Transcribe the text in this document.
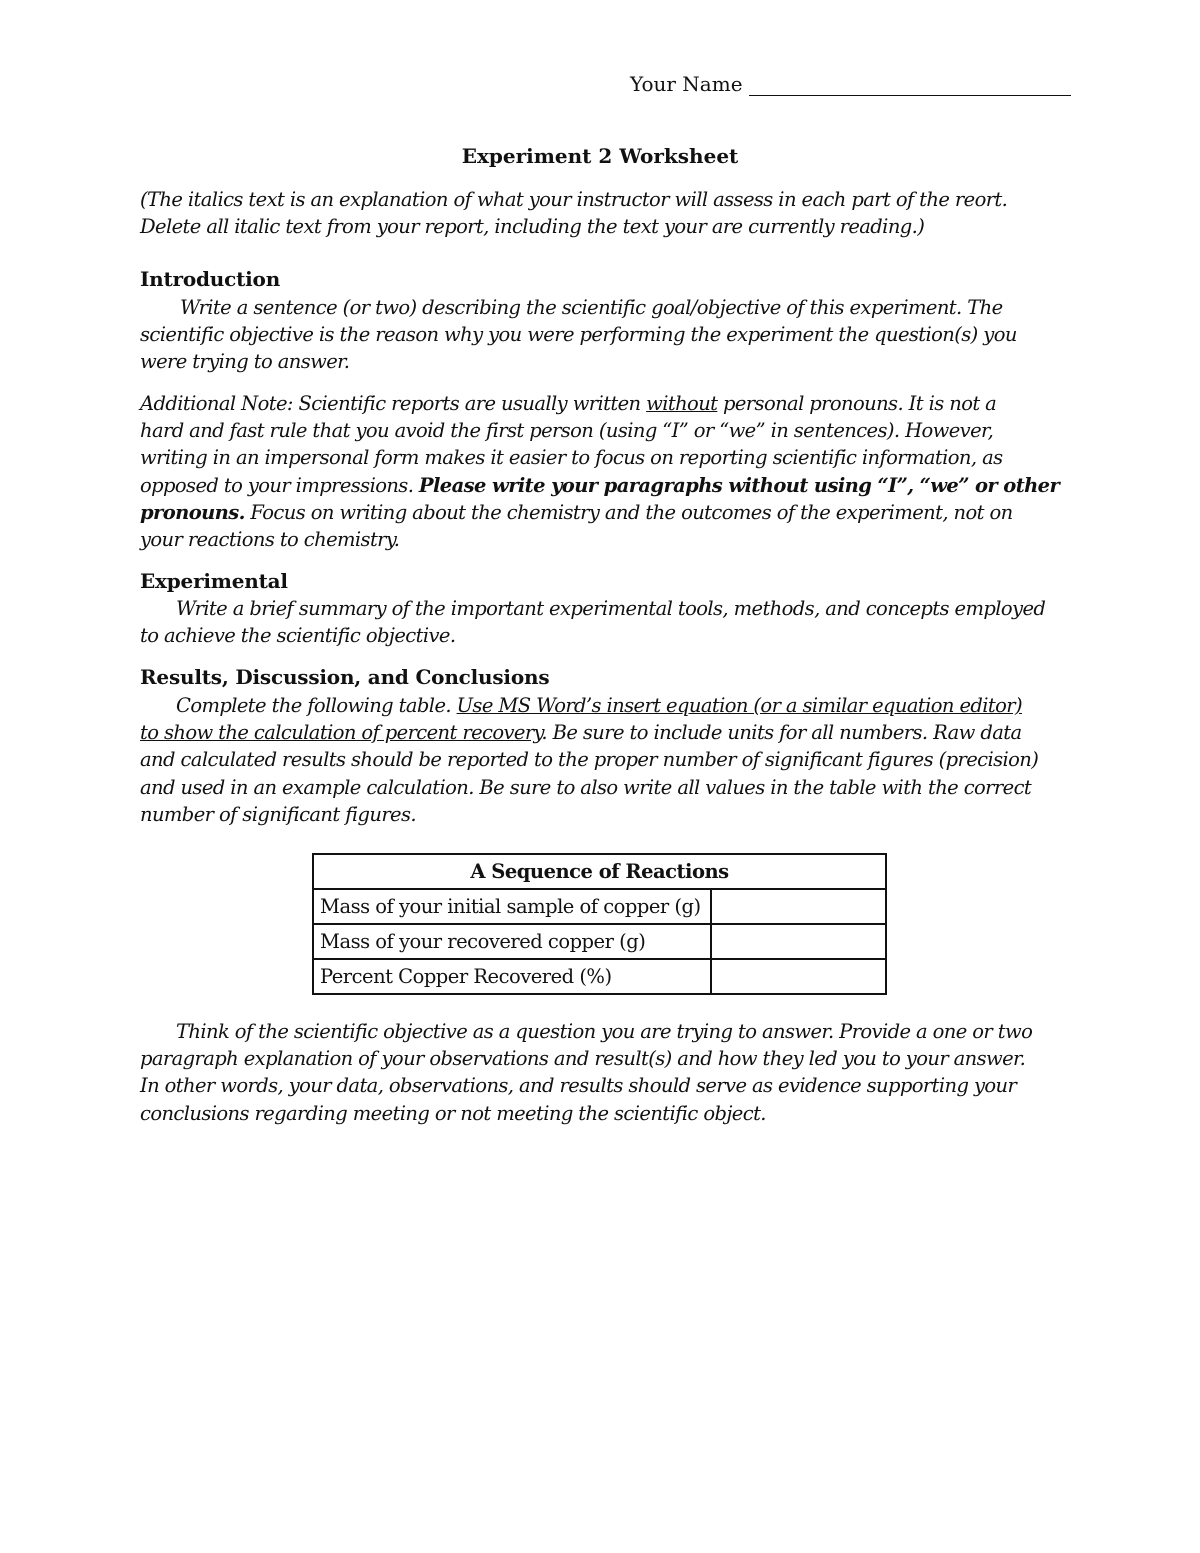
Your Name
Experiment 2 Worksheet
(The italics text is an explanation of what your instructor will assess in each part of the reort.
Delete all italic text from your report, including the text your are currently reading.)
Introduction
Write a sentence (or two) describing the scientific goal/objective of this experiment. The
scientific objective is the reason why you were performing the experiment the question(s) you
were trying to answer.
Additional Note: Scientific reports are usually written without personal pronouns. It is not a
hard and fast rule that you avoid the first person (using “I” or “we” in sentences). However,
writing in an impersonal form makes it easier to focus on reporting scientific information, as
opposed to your impressions. Please write your paragraphs without using “I”, “we” or other
pronouns. Focus on writing about the chemistry and the outcomes of the experiment, not on
your reactions to chemistry.
Experimental
Write a brief summary of the important experimental tools, methods, and concepts employed
to achieve the scientific objective.
Results, Discussion, and Conclusions
Complete the following table. Use MS Word’s insert equation (or a similar equation editor)
to show the calculation of percent recovery. Be sure to include units for all numbers. Raw data
and calculated results should be reported to the proper number of significant figures (precision)
and used in an example calculation. Be sure to also write all values in the table with the correct
number of significant figures.
Think of the scientific objective as a question you are trying to answer. Provide a one or two
paragraph explanation of your observations and result(s) and how they led you to your answer.
In other words, your data, observations, and results should serve as evidence supporting your
conclusions regarding meeting or not meeting the scientific object.
A Sequence of Reactions	
Mass of your initial sample of copper (g)	
Mass of your recovered copper (g)	
Percent Copper Recovered (%)	
